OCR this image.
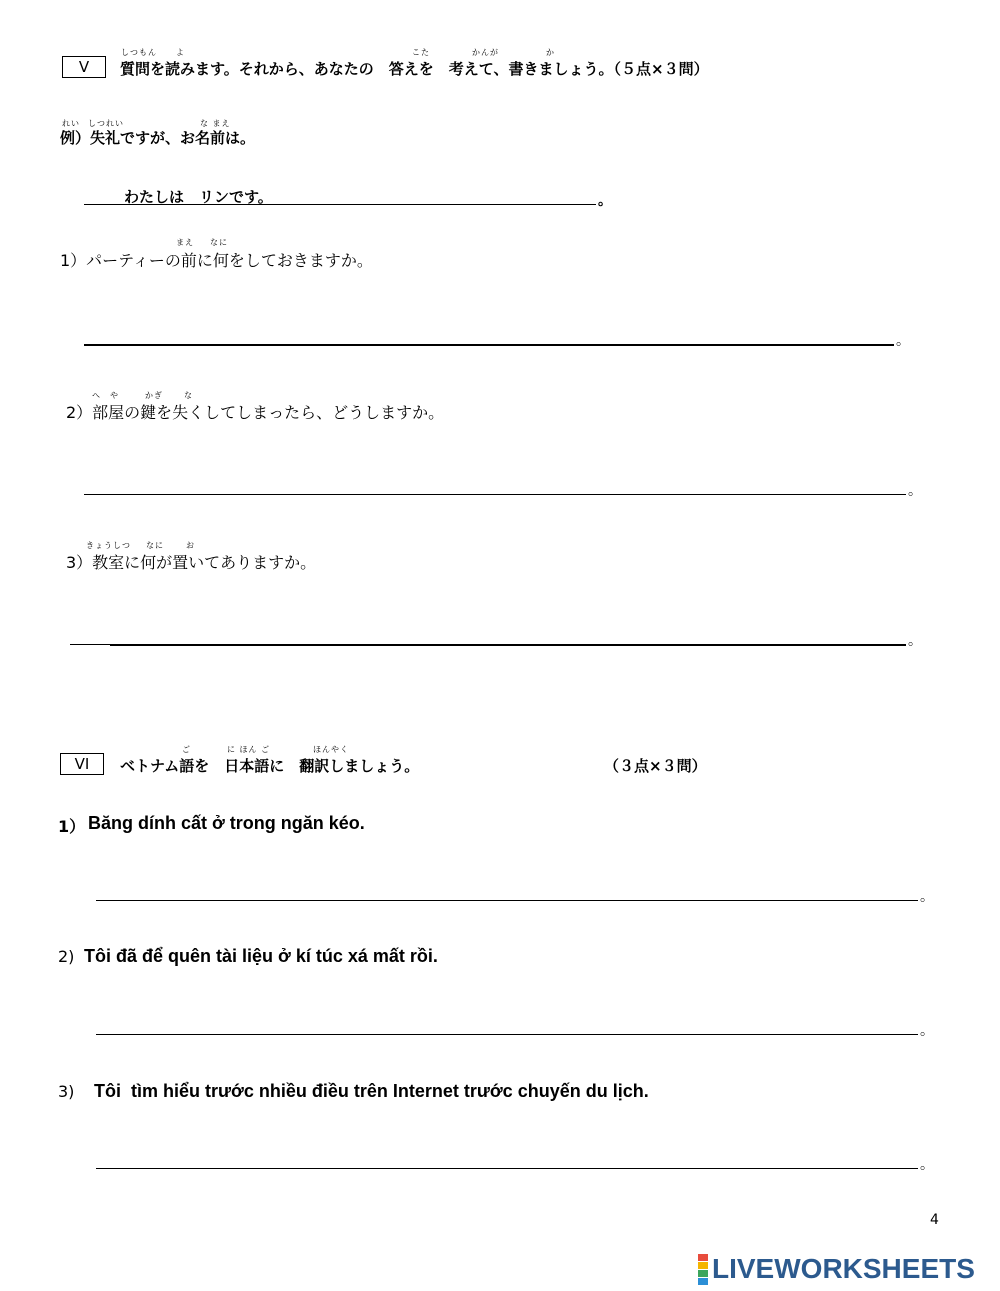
V
しつもん よ	こた	かんが	か
質問を読みます。それから、あなたの　答えを　考えて、書きましょう。（５点×３問）
れい しつれい	な まえ
例）失礼ですが、お名前は。
わたしは　リンです。	。
まえ なに
1）パーティーの前に何をしておきますか。
。
へ　や	かぎ	な
2）部屋の鍵を失くしてしまったら、どうしますか。
。
きょうしつ なに	お
3）教室に何が置いてありますか。
。
VI
ご	に ほん ご	ほんやく
ベトナム語を　日本語に　翻訳しましょう。	（３点×３問）
1） Băng dính cất ở trong ngăn kéo.
。
2) Tôi đã để quên tài liệu ở kí túc xá mất rồi.
。
3) Tôi  tìm hiểu trước nhiều điều trên Internet trước chuyến du lịch.
。
4
LIVEWORKSHEETS
